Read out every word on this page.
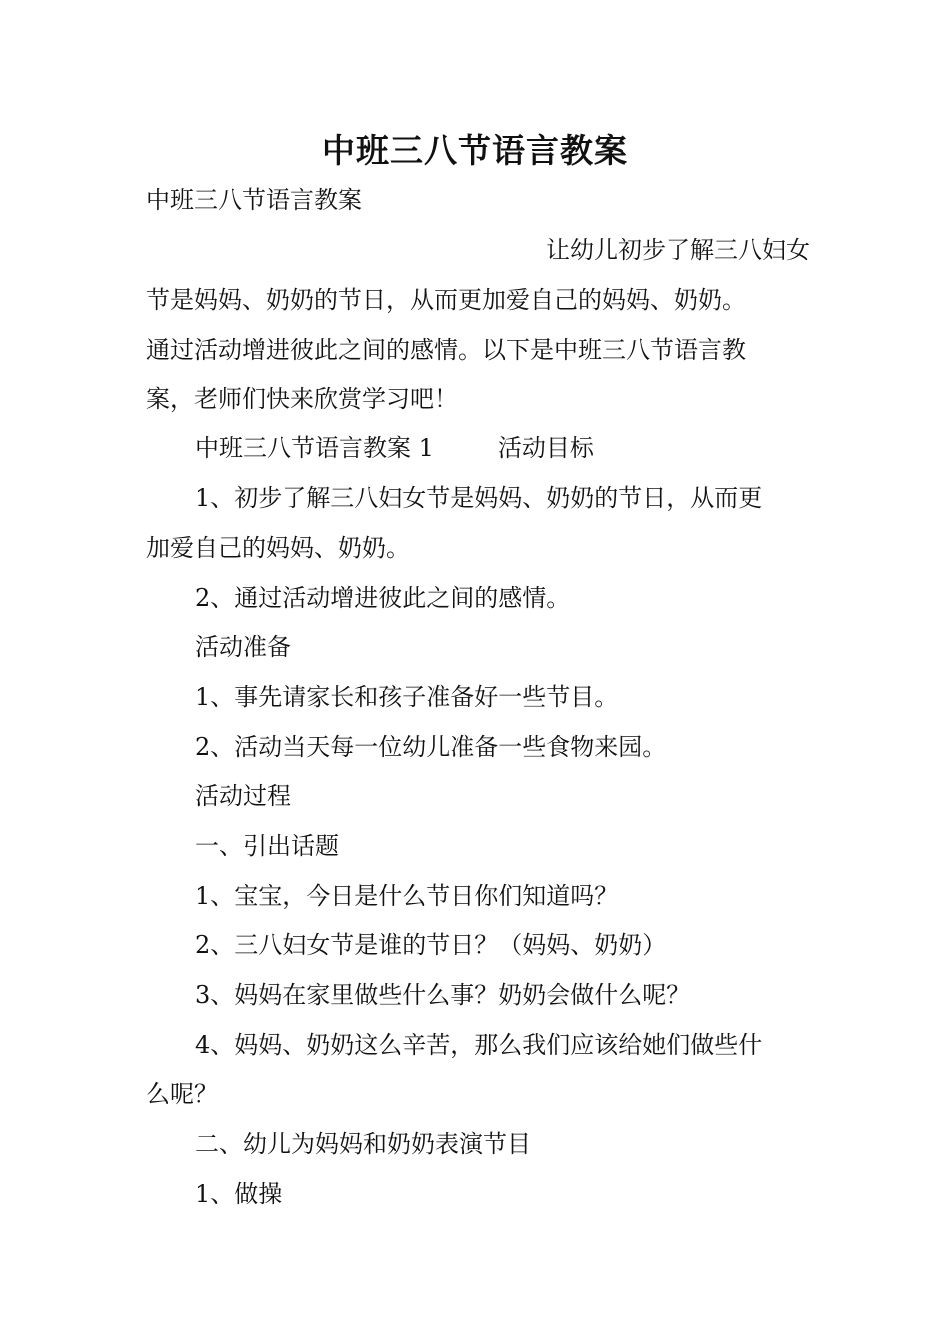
中班三八节语言教案
中班三八节语言教案
让幼儿初步了解三八妇女
节是妈妈、奶奶的节日，从而更加爱自己的妈妈、奶奶。
通过活动增进彼此之间的感情。以下是中班三八节语言教
案，老师们快来欣赏学习吧！
中班三八节语言教案 1	活动目标
1、初步了解三八妇女节是妈妈、奶奶的节日，从而更
加爱自己的妈妈、奶奶。
2、通过活动增进彼此之间的感情。
活动准备
1、事先请家长和孩子准备好一些节目。
2、活动当天每一位幼儿准备一些食物来园。
活动过程
一、引出话题
1、宝宝，今日是什么节日你们知道吗？
2、三八妇女节是谁的节日？（妈妈、奶奶）
3、妈妈在家里做些什么事？奶奶会做什么呢？
4、妈妈、奶奶这么辛苦，那么我们应该给她们做些什
么呢？
二、幼儿为妈妈和奶奶表演节目
1、做操
